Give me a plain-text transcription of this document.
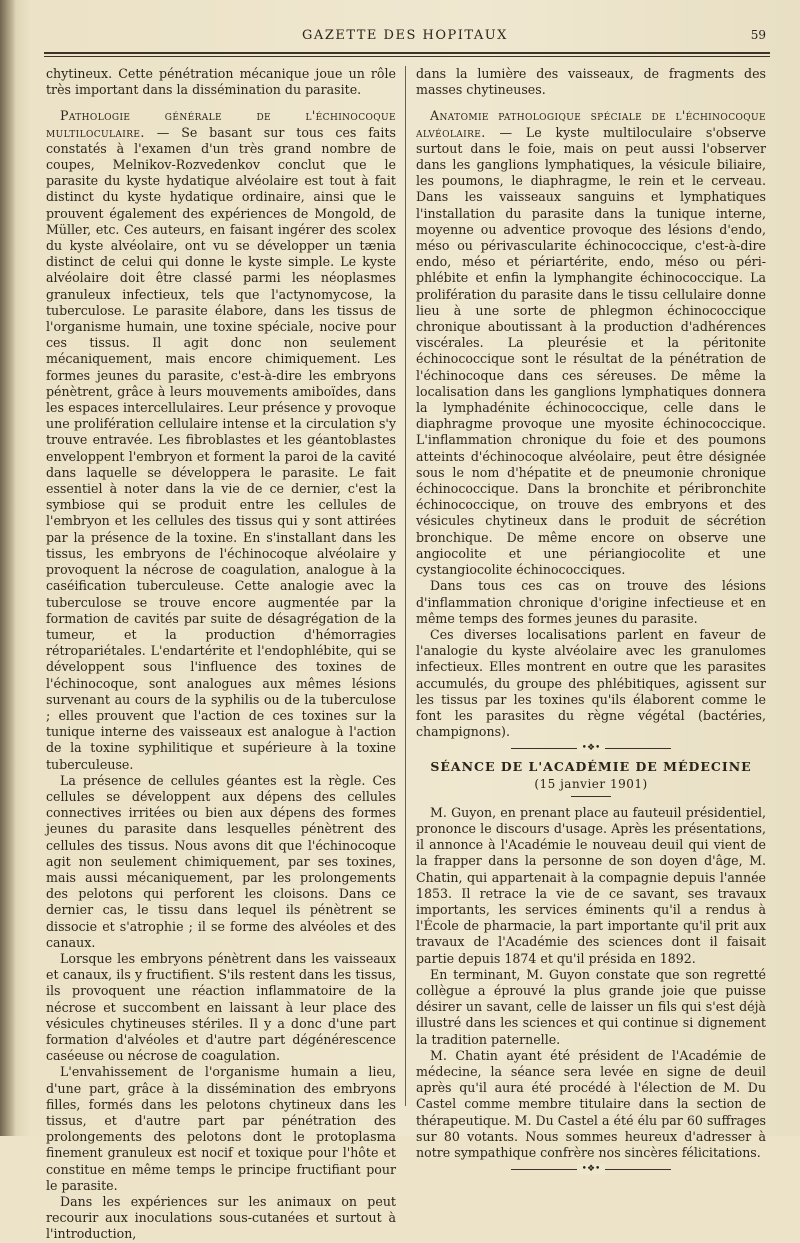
GAZETTE DES HOPITAUX	59

chytineux. Cette pénétration mécanique joue un rôle très important dans la dissémination du parasite.

Pathologie générale de l'échinocoque multiloculaire. — Se basant sur tous ces faits constatés à l'examen d'un très grand nombre de coupes, Melnikov-Rozvedenkov conclut que le parasite du kyste hydatique alvéolaire est tout à fait distinct du kyste hydatique ordinaire, ainsi que le prouvent également des expériences de Mongold, de Müller, etc. Ces auteurs, en faisant ingérer des scolex du kyste alvéolaire, ont vu se développer un tænia distinct de celui qui donne le kyste simple. Le kyste alvéolaire doit être classé parmi les néoplasmes granuleux infectieux, tels que l'actynomycose, la tuberculose. Le parasite élabore, dans les tissus de l'organisme humain, une toxine spéciale, nocive pour ces tissus. Il agit donc non seulement mécaniquement, mais encore chimiquement. Les formes jeunes du parasite, c'est-à-dire les embryons pénètrent, grâce à leurs mouvements amiboïdes, dans les espaces intercellulaires. Leur présence y provoque une prolifération cellulaire intense et la circulation s'y trouve entravée. Les fibroblastes et les géantoblastes enveloppent l'embryon et forment la paroi de la cavité dans laquelle se développera le parasite. Le fait essentiel à noter dans la vie de ce dernier, c'est la symbiose qui se produit entre les cellules de l'embryon et les cellules des tissus qui y sont attirées par la présence de la toxine. En s'installant dans les tissus, les embryons de l'échinocoque alvéolaire y provoquent la nécrose de coagulation, analogue à la caséification tuberculeuse. Cette analogie avec la tuberculose se trouve encore augmentée par la formation de cavités par suite de désagrégation de la tumeur, et la production d'hémorragies rétropariétales. L'endartérite et l'endophlébite, qui se développent sous l'influence des toxines de l'échinocoque, sont analogues aux mêmes lésions survenant au cours de la syphilis ou de la tuberculose ; elles prouvent que l'action de ces toxines sur la tunique interne des vaisseaux est analogue à l'action de la toxine syphilitique et supérieure à la toxine tuberculeuse.

La présence de cellules géantes est la règle. Ces cellules se développent aux dépens des cellules connectives irritées ou bien aux dépens des formes jeunes du parasite dans lesquelles pénètrent des cellules des tissus. Nous avons dit que l'échinocoque agit non seulement chimiquement, par ses toxines, mais aussi mécaniquement, par les prolongements des pelotons qui perforent les cloisons. Dans ce dernier cas, le tissu dans lequel ils pénètrent se dissocie et s'atrophie ; il se forme des alvéoles et des canaux.

Lorsque les embryons pénètrent dans les vaisseaux et canaux, ils y fructifient. S'ils restent dans les tissus, ils provoquent une réaction inflammatoire de la nécrose et succombent en laissant à leur place des vésicules chytineuses stériles. Il y a donc d'une part formation d'alvéoles et d'autre part dégénérescence caséeuse ou nécrose de coagulation.

L'envahissement de l'organisme humain a lieu, d'une part, grâce à la dissémination des embryons filles, formés dans les pelotons chytineux dans les tissus, et d'autre part par pénétration des prolongements des pelotons dont le protoplasma finement granuleux est nocif et toxique pour l'hôte et constitue en même temps le principe fructifiant pour le parasite.

Dans les expériences sur les animaux on peut recourir aux inoculations sous-cutanées et surtout à l'introduction,

dans la lumière des vaisseaux, de fragments des masses chytineuses.

Anatomie pathologique spéciale de l'échinocoque alvéolaire. — Le kyste multiloculaire s'observe surtout dans le foie, mais on peut aussi l'observer dans les ganglions lymphatiques, la vésicule biliaire, les poumons, le diaphragme, le rein et le cerveau. Dans les vaisseaux sanguins et lymphatiques l'installation du parasite dans la tunique interne, moyenne ou adventice provoque des lésions d'endo, méso ou périvascularite échinococcique, c'est-à-dire endo, méso et périartérite, endo, méso ou péri-phlébite et enfin la lymphangite échinococcique. La prolifération du parasite dans le tissu cellulaire donne lieu à une sorte de phlegmon échinococcique chronique aboutissant à la production d'adhérences viscérales. La pleurésie et la péritonite échinococcique sont le résultat de la pénétration de l'échinocoque dans ces séreuses. De même la localisation dans les ganglions lymphatiques donnera la lymphadénite échinococcique, celle dans le diaphragme provoque une myosite échinococcique. L'inflammation chronique du foie et des poumons atteints d'échinocoque alvéolaire, peut être désignée sous le nom d'hépatite et de pneumonie chronique échinococcique. Dans la bronchite et péribronchite échinococcique, on trouve des embryons et des vésicules chytineux dans le produit de sécrétion bronchique. De même encore on observe une angiocolite et une périangiocolite et une cystangiocolite échinococciques.

Dans tous ces cas on trouve des lésions d'inflammation chronique d'origine infectieuse et en même temps des formes jeunes du parasite.

Ces diverses localisations parlent en faveur de l'analogie du kyste alvéolaire avec les granulomes infectieux. Elles montrent en outre que les parasites accumulés, du groupe des phlébitiques, agissent sur les tissus par les toxines qu'ils élaborent comme le font les parasites du règne végétal (bactéries, champignons).

•❖•

SÉANCE DE L'ACADÉMIE DE MÉDECINE

(15 janvier 1901)

M. Guyon, en prenant place au fauteuil présidentiel, prononce le discours d'usage. Après les présentations, il annonce à l'Académie le nouveau deuil qui vient de la frapper dans la personne de son doyen d'âge, M. Chatin, qui appartenait à la compagnie depuis l'année 1853. Il retrace la vie de ce savant, ses travaux importants, les services éminents qu'il a rendus à l'École de pharmacie, la part importante qu'il prit aux travaux de l'Académie des sciences dont il faisait partie depuis 1874 et qu'il présida en 1892.

En terminant, M. Guyon constate que son regretté collègue a éprouvé la plus grande joie que puisse désirer un savant, celle de laisser un fils qui s'est déjà illustré dans les sciences et qui continue si dignement la tradition paternelle.

M. Chatin ayant été président de l'Académie de médecine, la séance sera levée en signe de deuil après qu'il aura été procédé à l'élection de M. Du Castel comme membre titulaire dans la section de thérapeutique. M. Du Castel a été élu par 60 suffrages sur 80 votants. Nous sommes heureux d'adresser à notre sympathique confrère nos sincères félicitations.

•❖•
